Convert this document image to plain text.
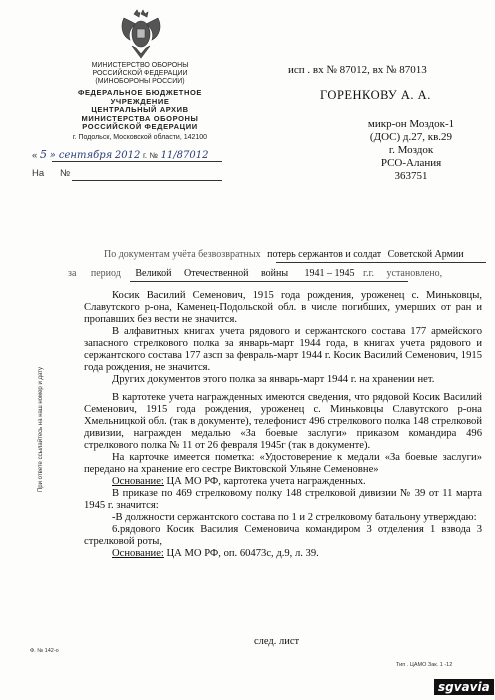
МИНИСТЕРСТВО ОБОРОНЫ
РОССИЙСКОЙ ФЕДЕРАЦИИ
(МИНОБОРОНЫ РОССИИ)
ФЕДЕРАЛЬНОЕ БЮДЖЕТНОЕ
УЧРЕЖДЕНИЕ
ЦЕНТРАЛЬНЫЙ АРХИВ
МИНИСТЕРСТВА ОБОРОНЫ
РОССИЙСКОЙ ФЕДЕРАЦИИ
г. Подольск, Московской области, 142100
« 5 » сентября 2012 г. № 11/87012
На №
исп . вх № 87012, вх № 87013
ГОРЕНКОВУ А. А.
микр-он Моздок-1
(ДОС) д.27, кв.29
г. Моздок
РСО-Алания
363751
По документам учёта безвозвратных потерь сержантов и солдат Советской Армии
за период Великой Отечественной войны 1941 – 1945 г.г. установлено,

Косик Василий Семенович, 1915 года рождения, уроженец с. Миньковцы, Славутского р-она, Каменец-Подольской обл. в числе погибших, умерших от ран и пропавших без вести не значится.

В алфавитных книгах учета рядового и сержантского состава 177 армейского запасного стрелкового полка за январь-март 1944 года, в книгах учета рядового и сержантского состава 177 азсп за февраль-март 1944 г. Косик Василий Семенович, 1915 года рождения, не значится.

Других документов этого полка за январь-март 1944 г. на хранении нет.

В картотеке учета награжденных имеются сведения, что рядовой Косик Василий Семенович, 1915 года рождения, уроженец с. Миньковцы Славутского р-она Хмельницкой обл. (так в документе), телефонист 496 стрелкового полка 148 стрелковой дивизии, награжден медалью «За боевые заслуги» приказом командира 496 стрелкового полка № 11 от 26 февраля 1945г (так в документе).

На карточке имеется пометка: «Удостоверение к медали «За боевые заслуги» передано на хранение его сестре Виктовской Ульяне Семеновне»

Основание: ЦА МО РФ, картотека учета награжденных.

В приказе по 469 стрелковому полку 148 стрелковой дивизии № 39 от 11 марта 1945 г. значится:

-В должности сержантского состава по 1 и 2 стрелковому батальону утверждаю:

6.рядового Косик Василия Семеновича командиром 3 отделения 1 взвода 3 стрелковой роты,

Основание: ЦА МО РФ, оп. 60473с, д.9, л. 39.

след. лист
При ответе ссылайтесь на наш номер и дату
Ф. № 142-о
Тип . ЦАМО Зак. 1 -12
sgvavia
